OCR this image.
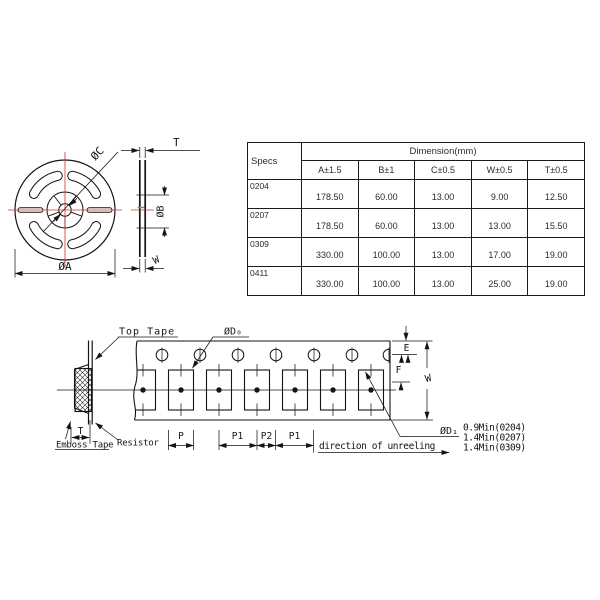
ØC
ØA
T
ØB
W
Top Tape
Emboss Tape Resistor
T
ØD₀
P	P1 P2 P1
E
F
W
ØD₁
direction of unreeling
0.9Min(0204)
1.4Min(0207)
1.4Min(0309)
Specs	Dimension(mm)				
	A±1.5	B±1	C±0.5	W±0.5	T±0.5
0204	178.50	60.00	13.00	9.00	12.50
0207	178.50	60.00	13.00	13.00	15.50
0309	330.00	100.00	13.00	17.00	19.00
0411	330.00	100.00	13.00	25.00	19.00
